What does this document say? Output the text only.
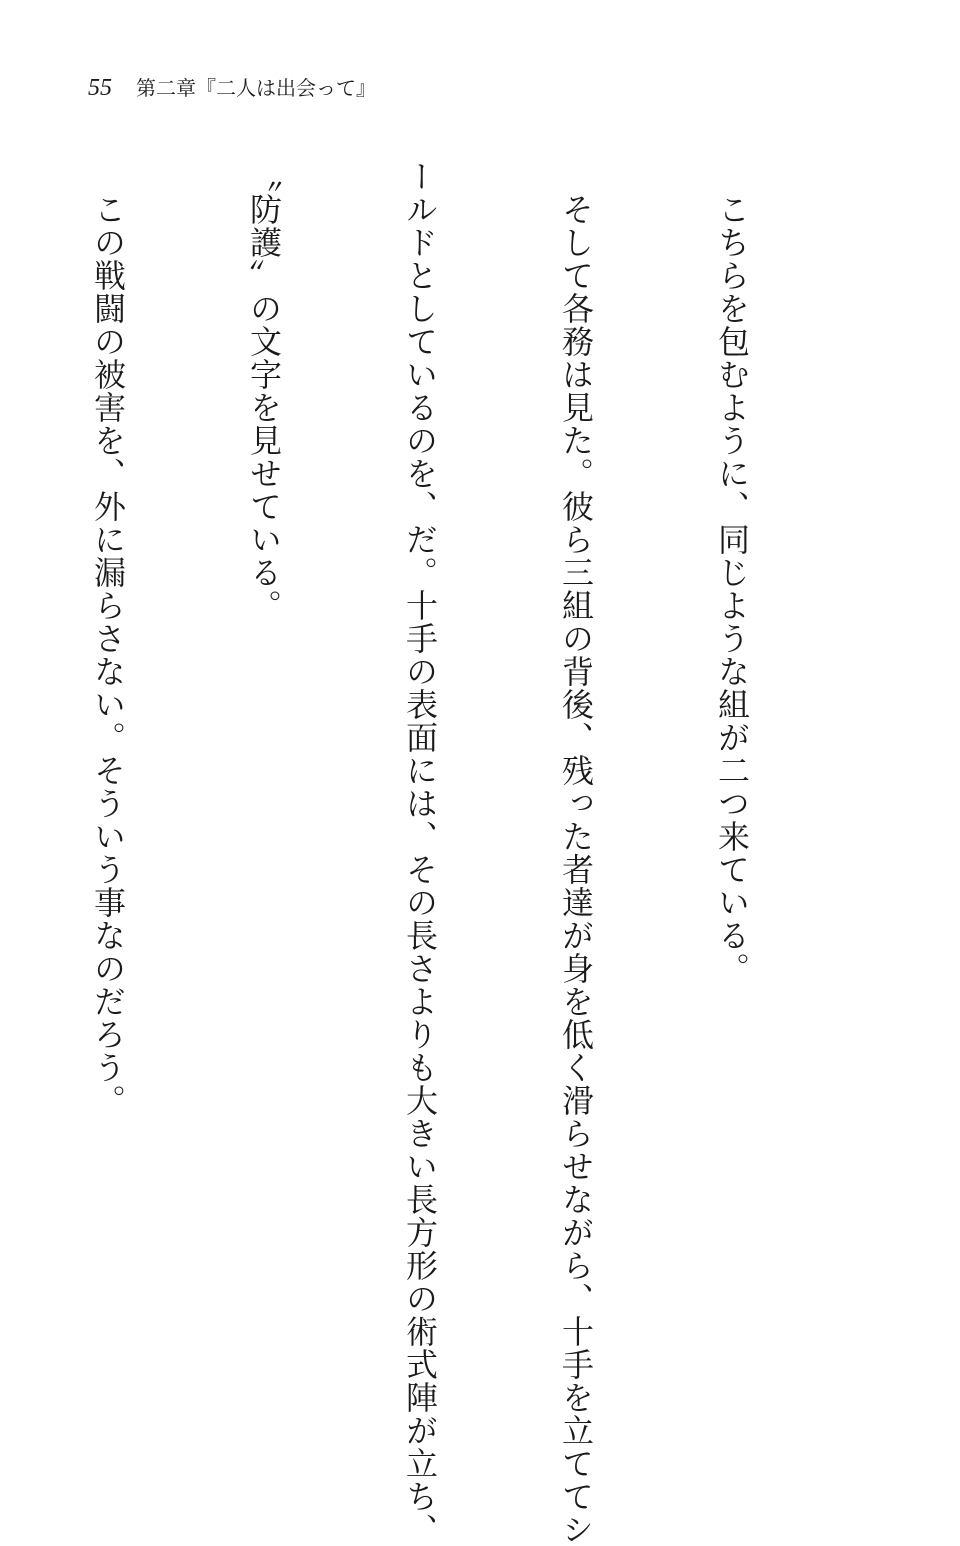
55 第二章『二人は出会って』

　こちらを包むように、同じような組が二つ来ている。

　そして各務は見た。彼ら三組の背後、残った者達が身を低く滑らせながら、十手を立ててシ

ールドとしているのを、だ。十手の表面には、その長さよりも大きい長方形の術式陣が立ち、

〝防護〟の文字を見せている。

　この戦闘の被害を、外に漏らさない。そういう事なのだろう。
